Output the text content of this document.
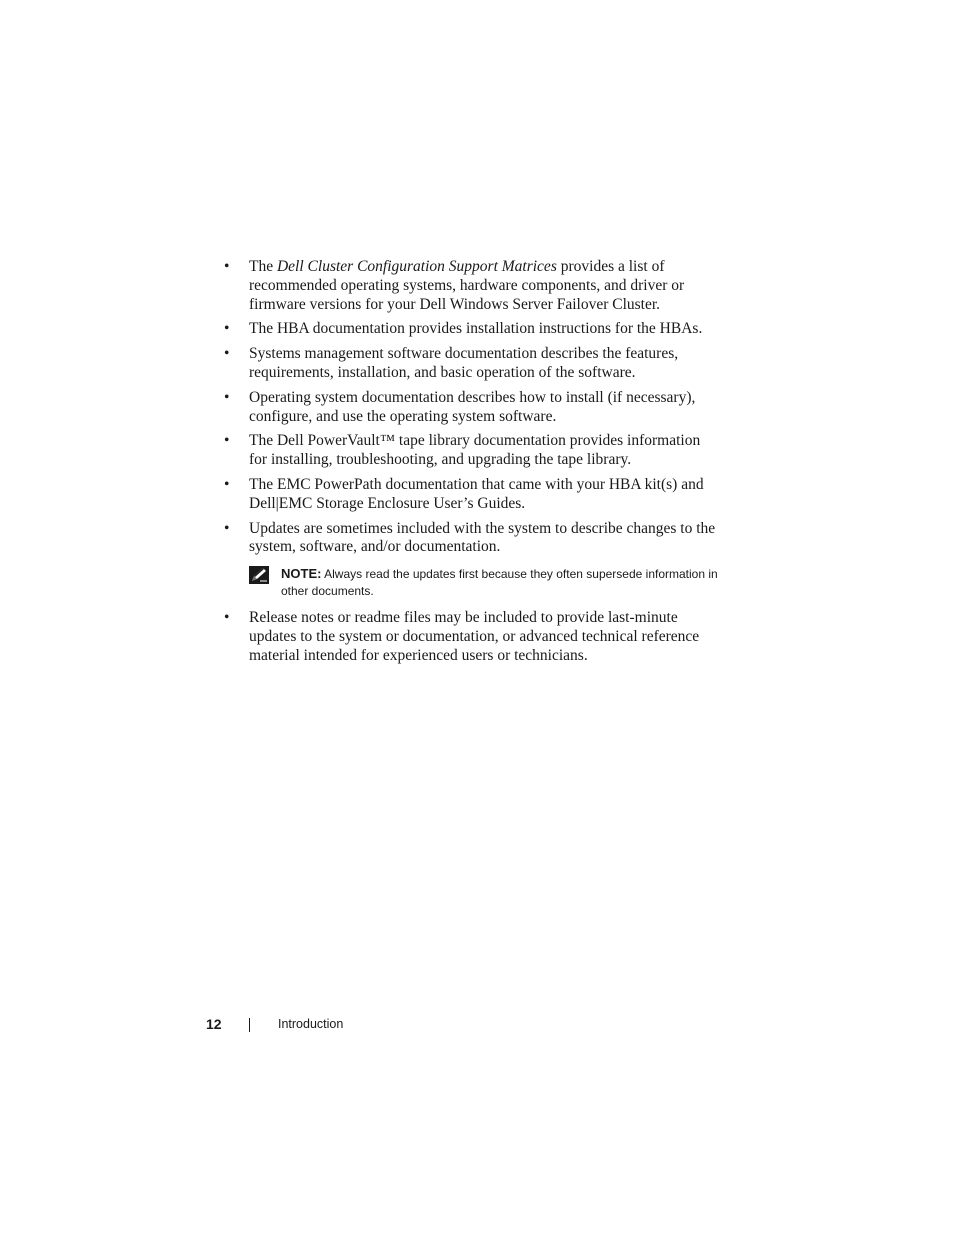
• The Dell Cluster Configuration Support Matrices provides a list of recommended operating systems, hardware components, and driver or firmware versions for your Dell Windows Server Failover Cluster.
• The HBA documentation provides installation instructions for the HBAs.
• Systems management software documentation describes the features, requirements, installation, and basic operation of the software.
• Operating system documentation describes how to install (if necessary), configure, and use the operating system software.
• The Dell PowerVault™ tape library documentation provides information for installing, troubleshooting, and upgrading the tape library.
• The EMC PowerPath documentation that came with your HBA kit(s) and Dell|EMC Storage Enclosure User’s Guides.
• Updates are sometimes included with the system to describe changes to the system, software, and/or documentation.
NOTE: Always read the updates first because they often supersede information in other documents.
• Release notes or readme files may be included to provide last-minute updates to the system or documentation, or advanced technical reference material intended for experienced users or technicians.
12	Introduction
